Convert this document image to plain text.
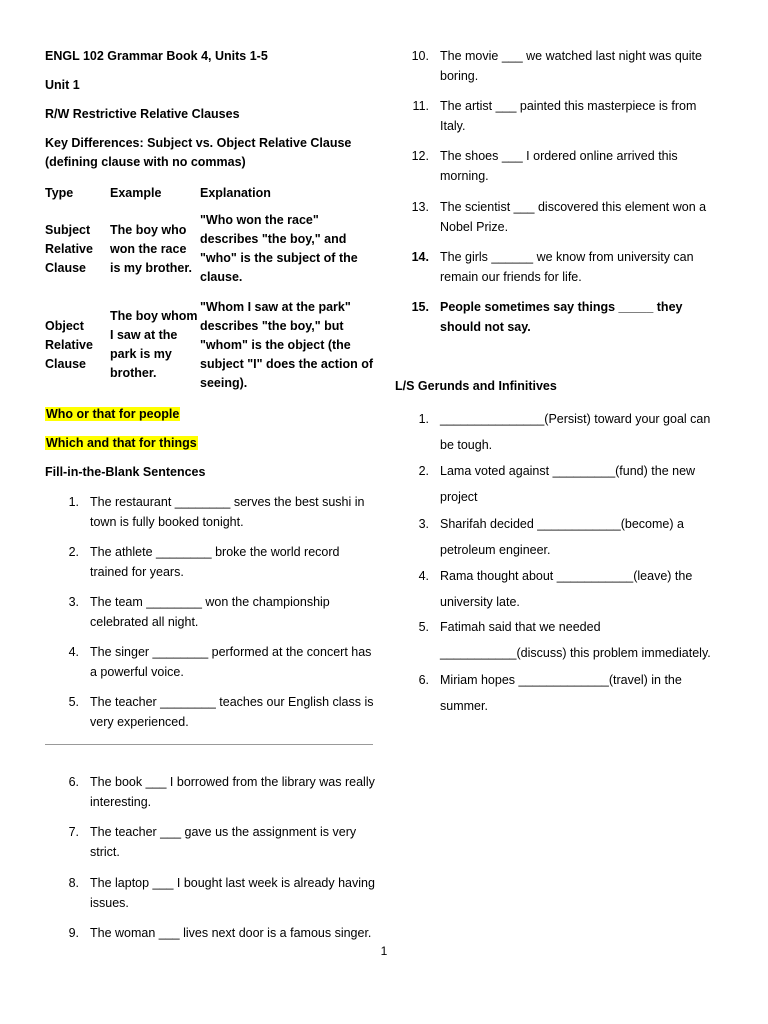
ENGL 102 Grammar Book 4, Units 1-5

Unit 1

R/W Restrictive Relative Clauses

Key Differences: Subject vs. Object Relative Clause

(defining clause with no commas)

Type	Example	Explanation
Subject Relative Clause	The boy who won the race is my brother.	"Who won the race" describes "the boy," and "who" is the subject of the clause.
Object Relative Clause	The boy whom I saw at the park is my brother.	"Whom I saw at the park" describes "the boy," but "whom" is the object (the subject "I" does the action of seeing).

Who or that for people

Which and that for things

Fill-in-the-Blank Sentences

1. The restaurant ________ serves the best sushi in town is fully booked tonight.
2. The athlete ________ broke the world record trained for years.
3. The team ________ won the championship celebrated all night.
4. The singer ________ performed at the concert has a powerful voice.
5. The teacher ________ teaches our English class is very experienced.
6. The book ___ I borrowed from the library was really interesting.
7. The teacher ___ gave us the assignment is very strict.
8. The laptop ___ I bought last week is already having issues.
9. The woman ___ lives next door is a famous singer.
10. The movie ___ we watched last night was quite boring.
11. The artist ___ painted this masterpiece is from Italy.
12. The shoes ___ I ordered online arrived this morning.
13. The scientist ___ discovered this element won a Nobel Prize.
14. The girls ______ we know from university can remain our friends for life.
15. People sometimes say things _____ they should not say.

L/S Gerunds and Infinitives

1. _______________(Persist) toward your goal can be tough.
2. Lama voted against _________(fund) the new project
3. Sharifah decided ____________(become) a petroleum engineer.
4. Rama thought about ___________(leave) the university late.
5. Fatimah said that we needed ___________(discuss) this problem immediately.
6. Miriam hopes _____________(travel) in the summer.
1
